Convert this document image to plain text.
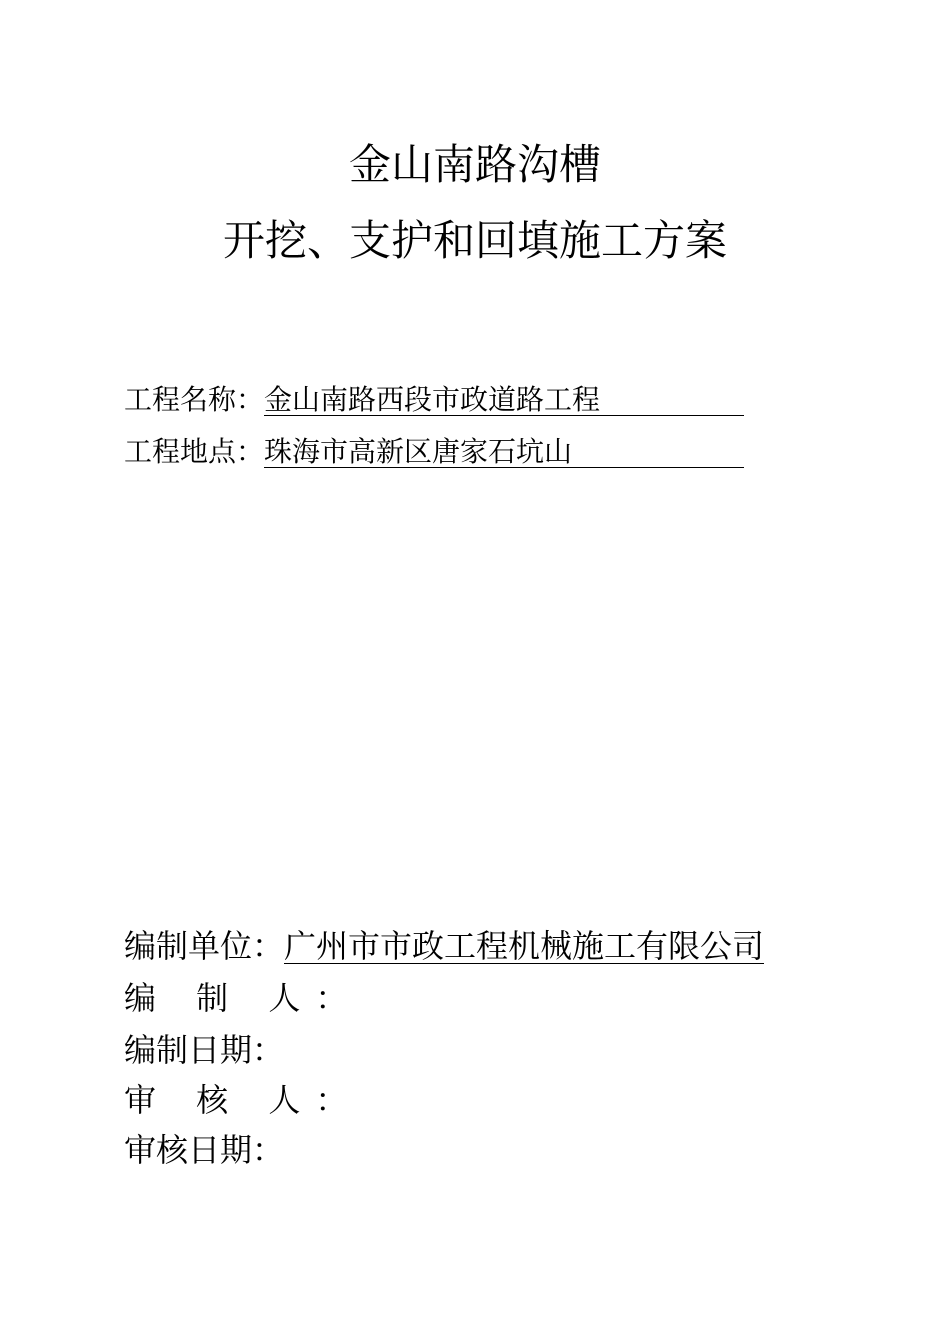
金山南路沟槽
开挖、支护和回填施工方案
工程名称： 金山南路西段市政道路工程
工程地点： 珠海市高新区唐家石坑山
编制单位： 广州市市政工程机械施工有限公司
编 制 人：
编制日期：
审 核 人：
审核日期：
